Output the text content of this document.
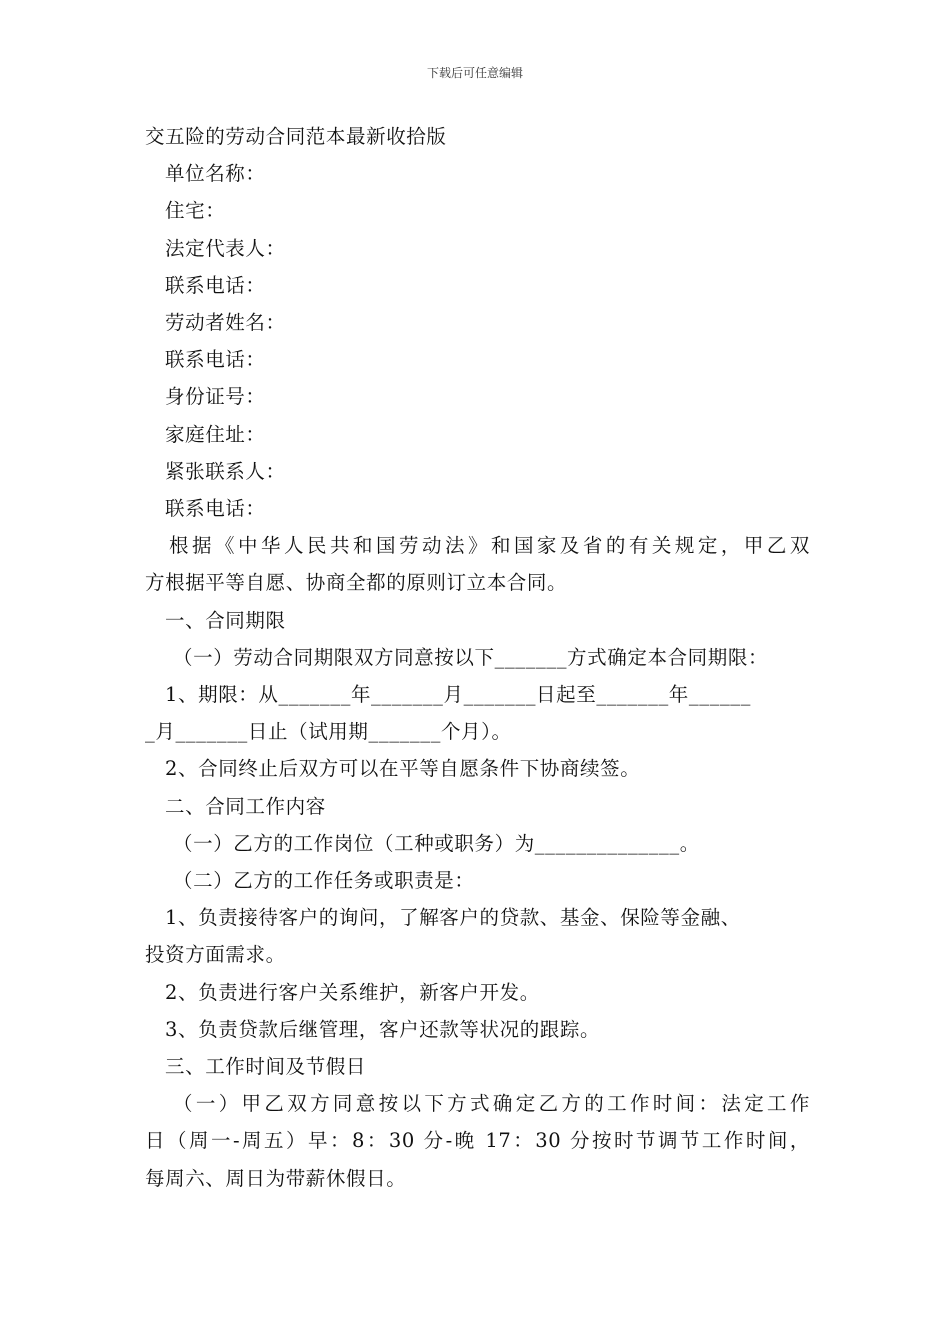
下载后可任意编辑
交五险的劳动合同范本最新收拾版
单位名称：
住宅：
法定代表人：
联系电话：
劳动者姓名：
联系电话：
身份证号：
家庭住址：
紧张联系人：
联系电话：
根据《中华人民共和国劳动法》和国家及省的有关规定，甲乙双
方根据平等自愿、协商全都的原则订立本合同。
一、合同期限
（一）劳动合同期限双方同意按以下_______方式确定本合同期限：
1、期限：从_______年_______月_______日起至_______年______
_月_______日止（试用期_______个月）。
2、合同终止后双方可以在平等自愿条件下协商续签。
二、合同工作内容
（一）乙方的工作岗位（工种或职务）为______________。
（二）乙方的工作任务或职责是：
1、负责接待客户的询问，了解客户的贷款、基金、保险等金融、
投资方面需求。
2、负责进行客户关系维护，新客户开发。
3、负责贷款后继管理，客户还款等状况的跟踪。
三、工作时间及节假日
（一）甲乙双方同意按以下方式确定乙方的工作时间：法定工作
日（周一-周五）早：8：30 分-晚 17：30 分按时节调节工作时间，
每周六、周日为带薪休假日。
